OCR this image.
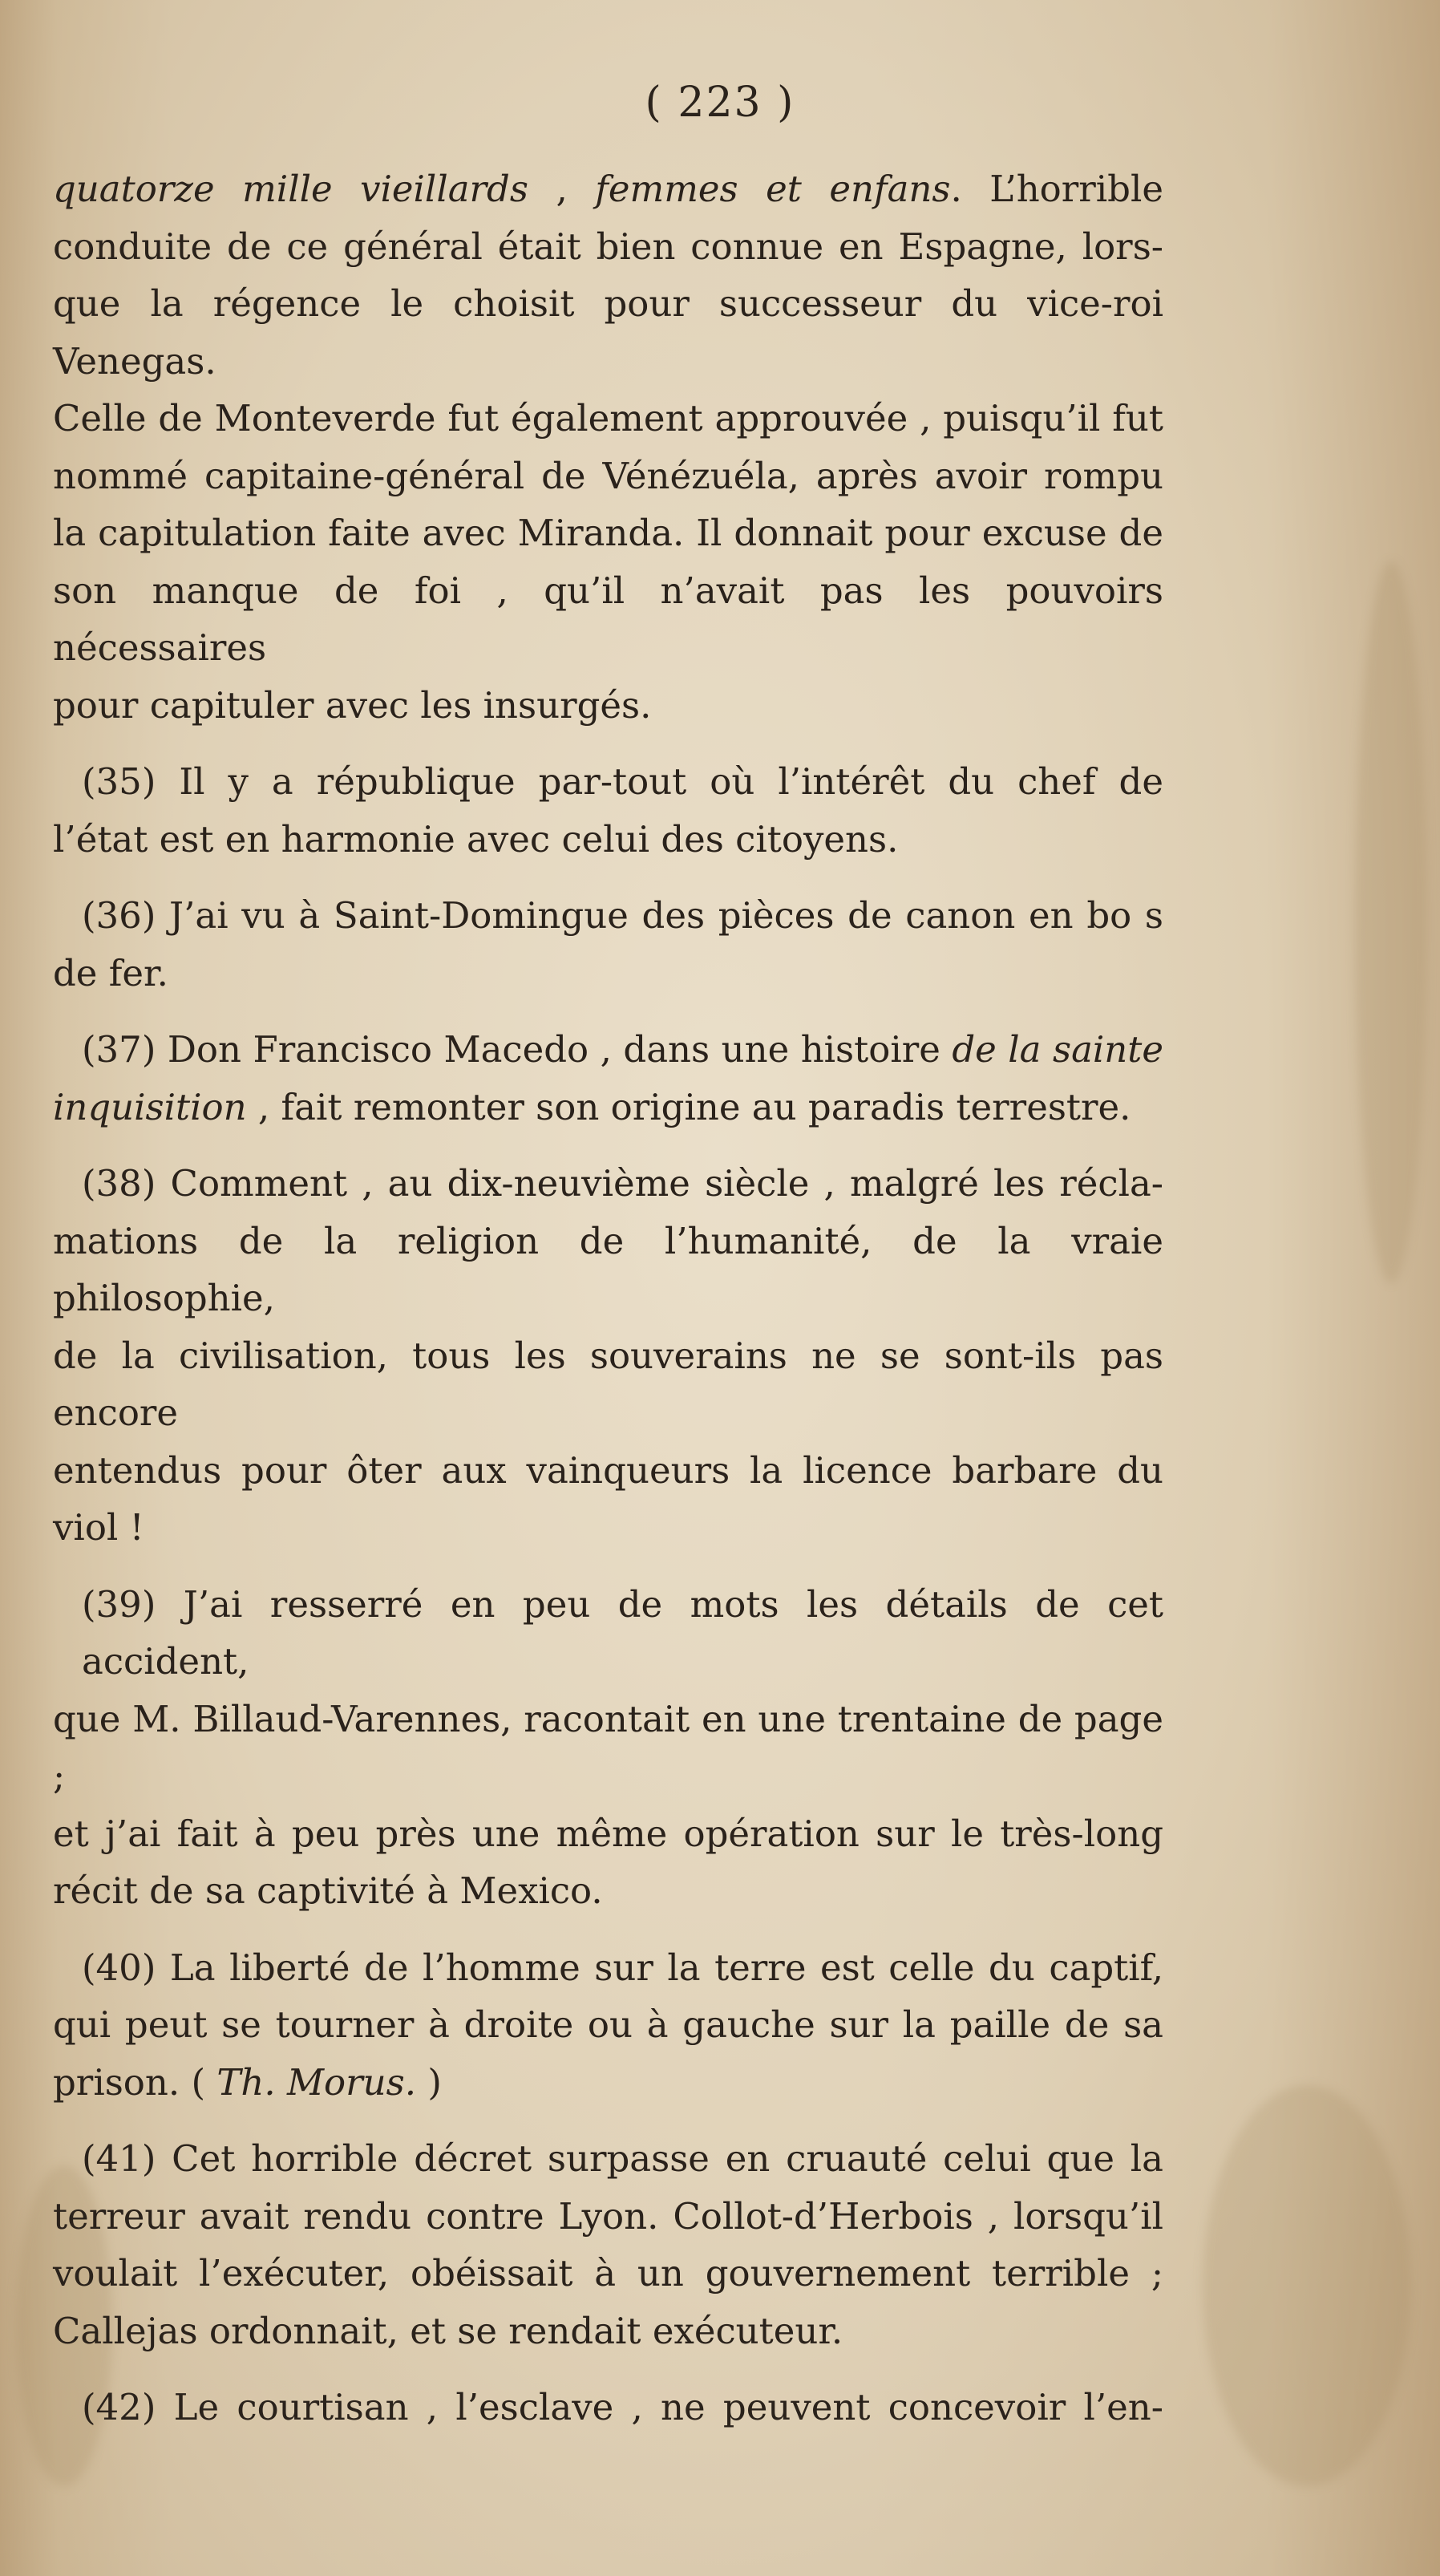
( 223 )

quatorze mille vieillards , femmes et enfans. L’horrible

conduite de ce général était bien connue en Espagne, lors-

que la régence le choisit pour successeur du vice-roi Venegas.

Celle de Monteverde fut également approuvée , puisqu’il fut

nommé capitaine-général de Vénézuéla, après avoir rompu

la capitulation faite avec Miranda. Il donnait pour excuse de

son manque de foi , qu’il n’avait pas les pouvoirs nécessaires

pour capituler avec les insurgés.

(35) Il y a république par-tout où l’intérêt du chef de

l’état est en harmonie avec celui des citoyens.

(36) J’ai vu à Saint-Domingue des pièces de canon en bo s

de fer.

(37) Don Francisco Macedo , dans une histoire de la sainte

inquisition , fait remonter son origine au paradis terrestre.

(38) Comment , au dix-neuvième siècle , malgré les récla-

mations de la religion de l’humanité, de la vraie philosophie,

de la civilisation, tous les souverains ne se sont-ils pas encore

entendus pour ôter aux vainqueurs la licence barbare du

viol !

(39) J’ai resserré en peu de mots les détails de cet accident,

que M. Billaud-Varennes, racontait en une trentaine de page ;

et j’ai fait à peu près une même opération sur le très-long

récit de sa captivité à Mexico.

(40) La liberté de l’homme sur la terre est celle du captif,

qui peut se tourner à droite ou à gauche sur la paille de sa

prison. ( Th. Morus. )

(41) Cet horrible décret surpasse en cruauté celui que la

terreur avait rendu contre Lyon. Collot-d’Herbois , lorsqu’il

voulait l’exécuter, obéissait à un gouvernement terrible ;

Callejas ordonnait, et se rendait exécuteur.

(42) Le courtisan , l’esclave , ne peuvent concevoir l’en-
